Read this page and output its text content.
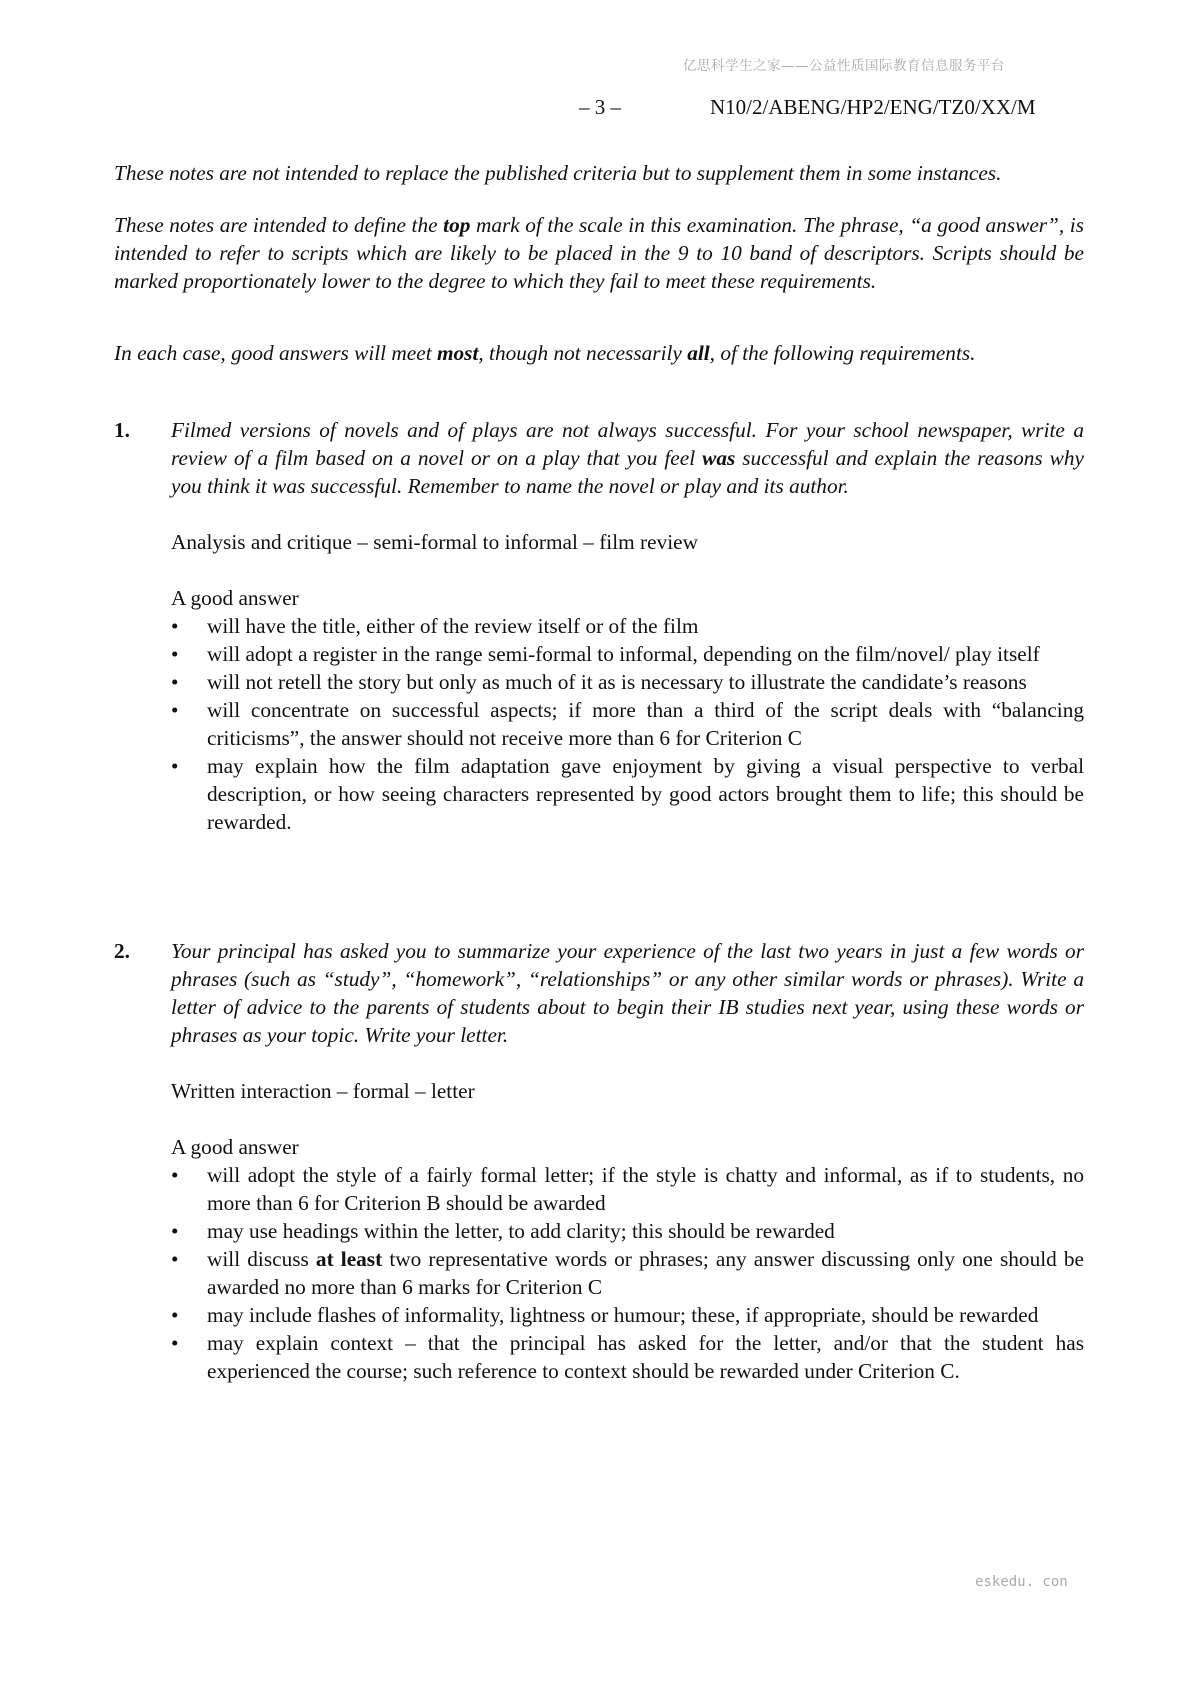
亿思科学生之家——公益性质国际教育信息服务平台
– 3 –	N10/2/ABENG/HP2/ENG/TZ0/XX/M

These notes are not intended to replace the published criteria but to supplement them in some instances.

These notes are intended to define the top mark of the scale in this examination. The phrase, “a good answer”, is intended to refer to scripts which are likely to be placed in the 9 to 10 band of descriptors. Scripts should be marked proportionately lower to the degree to which they fail to meet these requirements.

In each case, good answers will meet most, though not necessarily all, of the following requirements.

1. Filmed versions of novels and of plays are not always successful. For your school newspaper, write a review of a film based on a novel or on a play that you feel was successful and explain the reasons why you think it was successful. Remember to name the novel or play and its author.

Analysis and critique – semi-formal to informal – film review

A good answer

• will have the title, either of the review itself or of the film
• will adopt a register in the range semi-formal to informal, depending on the film/novel/ play itself
• will not retell the story but only as much of it as is necessary to illustrate the candidate’s reasons
• will concentrate on successful aspects; if more than a third of the script deals with “balancing criticisms”, the answer should not receive more than 6 for Criterion C
• may explain how the film adaptation gave enjoyment by giving a visual perspective to verbal description, or how seeing characters represented by good actors brought them to life; this should be rewarded.
2. Your principal has asked you to summarize your experience of the last two years in just a few words or phrases (such as “study”, “homework”, “relationships” or any other similar words or phrases). Write a letter of advice to the parents of students about to begin their IB studies next year, using these words or phrases as your topic. Write your letter.

Written interaction – formal – letter

A good answer

• will adopt the style of a fairly formal letter; if the style is chatty and informal, as if to students, no more than 6 for Criterion B should be awarded
• may use headings within the letter, to add clarity; this should be rewarded
• will discuss at least two representative words or phrases; any answer discussing only one should be awarded no more than 6 marks for Criterion C
• may include flashes of informality, lightness or humour; these, if appropriate, should be rewarded
• may explain context – that the principal has asked for the letter, and/or that the student has experienced the course; such reference to context should be rewarded under Criterion C.
eskedu. con
